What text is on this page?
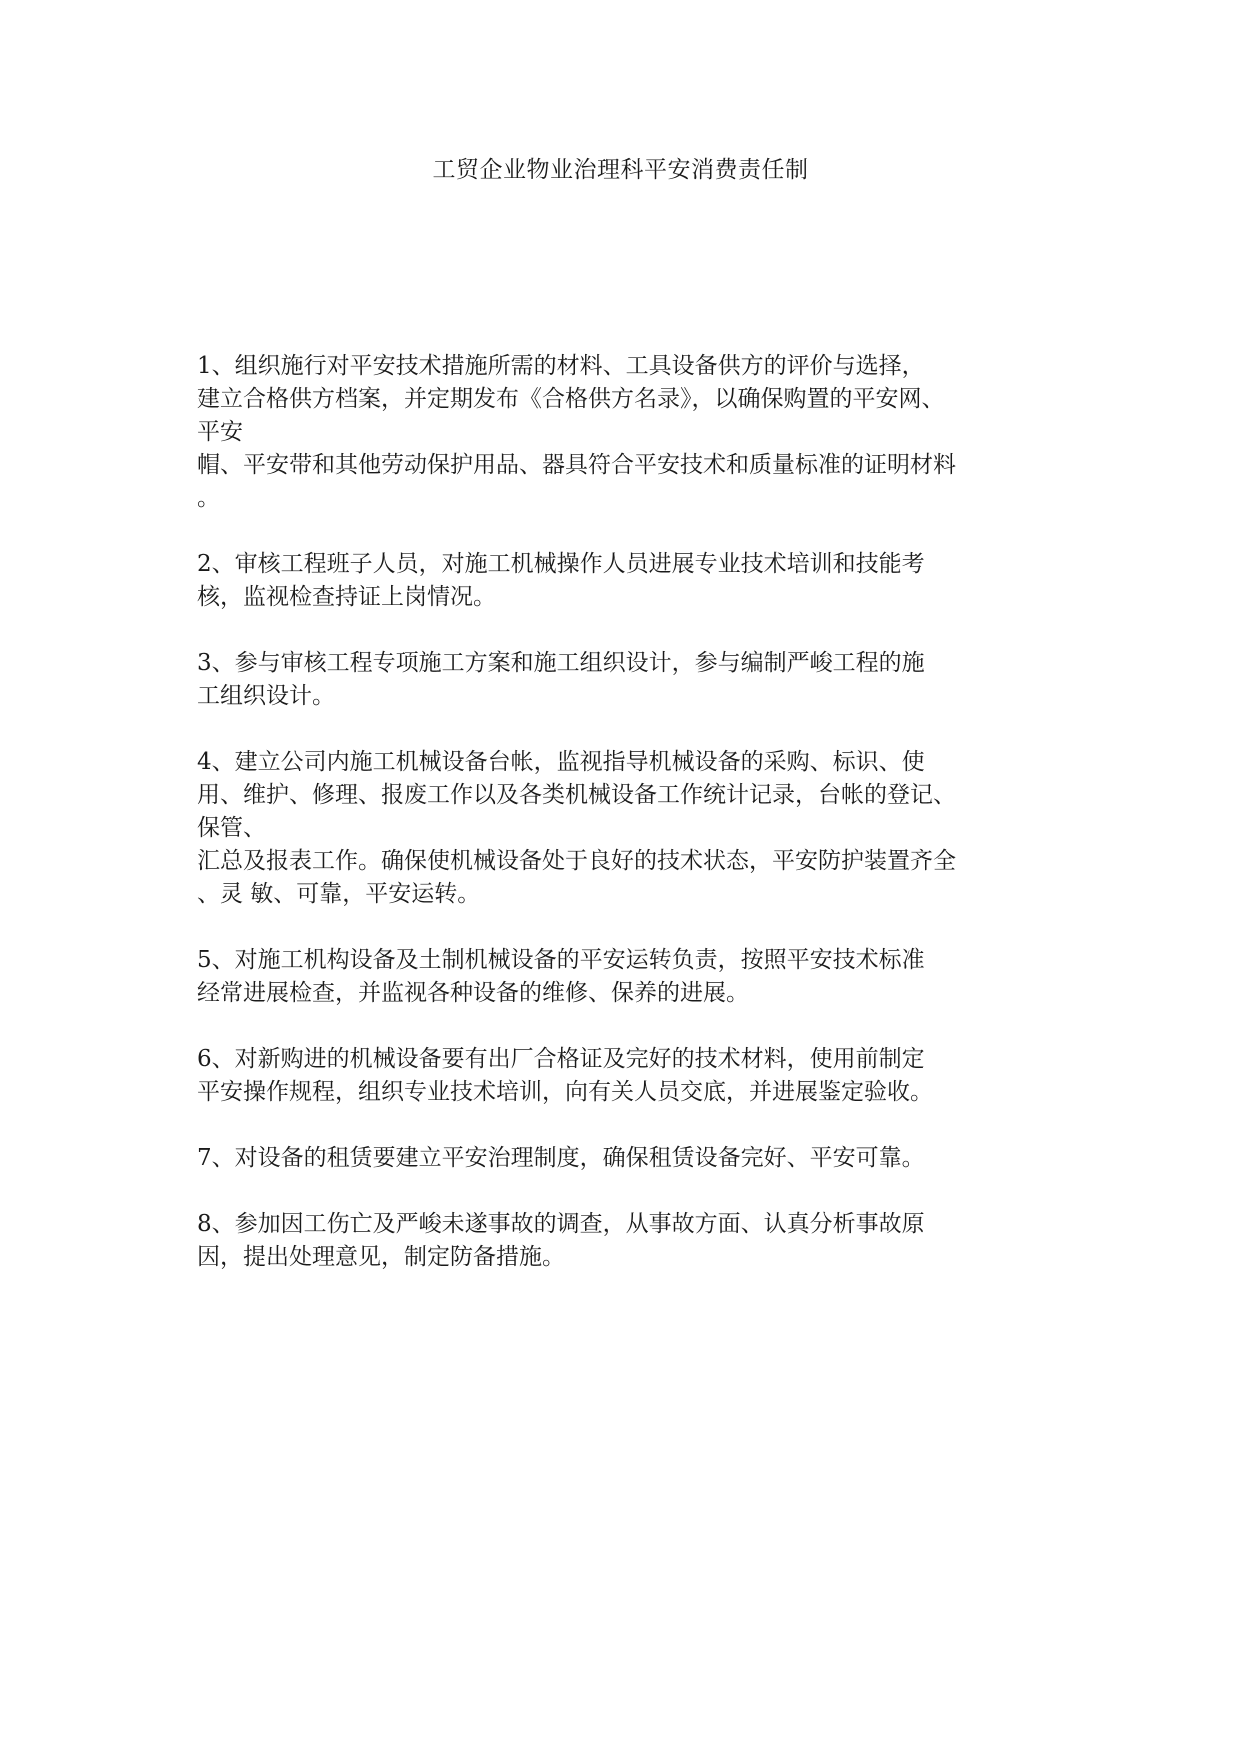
工贸企业物业治理科平安消费责任制
1、组织施行对平安技术措施所需的材料、工具设备供方的评价与选择，
建立合格供方档案，并定期发布《合格供方名录》，以确保购置的平安网、
平安
帽、平安带和其他劳动保护用品、器具符合平安技术和质量标准的证明材料
。
2、审核工程班子人员，对施工机械操作人员进展专业技术培训和技能考
核，监视检查持证上岗情况。
3、参与审核工程专项施工方案和施工组织设计，参与编制严峻工程的施
工组织设计。
4、建立公司内施工机械设备台帐，监视指导机械设备的采购、标识、使
用、维护、修理、报废工作以及各类机械设备工作统计记录，台帐的登记、
保管、
汇总及报表工作。确保使机械设备处于良好的技术状态，平安防护装置齐全
、灵 敏、可靠，平安运转。
5、对施工机构设备及土制机械设备的平安运转负责，按照平安技术标准
经常进展检查，并监视各种设备的维修、保养的进展。
6、对新购进的机械设备要有出厂合格证及完好的技术材料，使用前制定
平安操作规程，组织专业技术培训，向有关人员交底，并进展鉴定验收。
7、对设备的租赁要建立平安治理制度，确保租赁设备完好、平安可靠。
8、参加因工伤亡及严峻未遂事故的调查，从事故方面、认真分析事故原
因，提出处理意见，制定防备措施。
